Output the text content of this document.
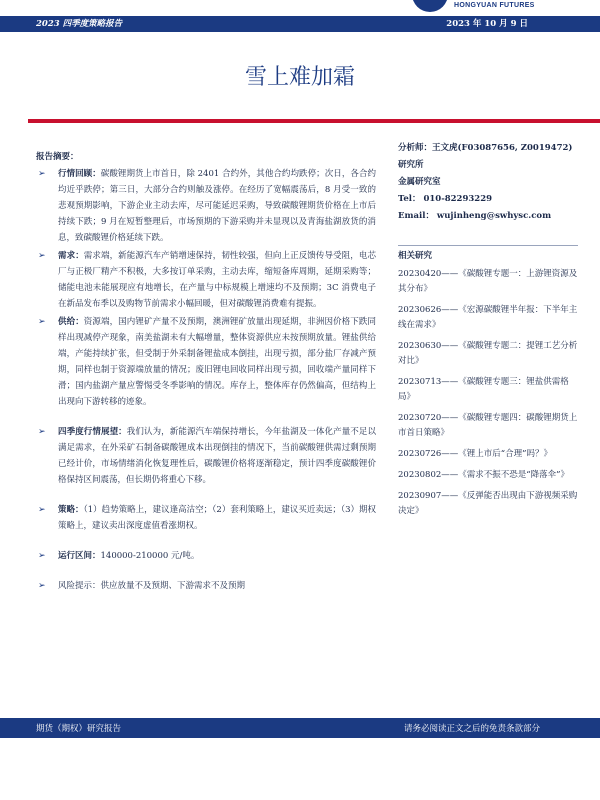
2023 四季度策略报告	2023 年 10 月 9 日
HONGYUAN FUTURES
雪上难加霜
分析师：王文虎(F03087656, Z0019472)
研究所
金属研究室
Tel： 010-82293229
Email： wujinheng@swhysc.com
相关研究
20230420——《碳酸锂专题一：上游锂资源及其分布》
20230626——《宏源碳酸锂半年报：下半年主线在需求》
20230630——《碳酸锂专题二：提锂工艺分析对比》
20230713——《碳酸锂专题三：锂盐供需格局》
20230720——《碳酸锂专题四：碳酸锂期货上市首日策略》
20230726——《锂上市后“合理”吗？》
20230802——《需求不振不恐是“降落伞”》
20230907——《反弹能否出现由下游视频采购决定》
报告摘要：
➢ 行情回顾：碳酸锂期货上市首日，除 2401 合约外，其他合约均跌停；次日，各合约均近乎跌停；第三日，大部分合约则触及涨停。在经历了宽幅震荡后，8 月受一致的悲观预期影响，下游企业主动去库，尽可能延迟采购，导致碳酸锂期货价格在上市后持续下跌；9 月在短暂整理后，市场预期的下游采购并未显现以及青海盐湖放货的消息，致碳酸锂价格延续下跌。
➢ 需求：需求端，新能源汽车产销增速保持，韧性较强，但向上正反馈传导受阻，电芯厂与正极厂精产不积极，大多按订单采购，主动去库，缩短备库周期，延期采购等；储能电池未能展现应有地增长，在产量与中标规模上增速均不及预期；3C 消费电子在新品发布季以及购物节前需求小幅回暖，但对碳酸锂消费难有提振。
➢ 供给：资源端，国内锂矿产量不及预期，澳洲锂矿放量出现延期，非洲因价格下跌同样出现减停产现象，南美盐湖未有大幅增量，整体资源供应未按预期放量。锂盐供给端，产能持续扩张，但受制于外采制备锂盐成本倒挂，出现亏损，部分盐厂存减产预期，同样也制于资源端放量的情况；废旧锂电回收同样出现亏损，回收端产量同样下滑；国内盐湖产量应警惕受冬季影响的情况。库存上，整体库存仍然偏高，但结构上出现向下游转移的迹象。
➢ 四季度行情展望：我们认为，新能源汽车端保持增长，今年盐湖及一体化产量不足以满足需求，在外采矿石制备碳酸锂成本出现倒挂的情况下，当前碳酸锂供需过剩预期已经计价，市场情绪消化恢复理性后，碳酸锂价格将逐渐稳定，预计四季度碳酸锂价格保持区间震荡，但长期仍将重心下移。
➢ 策略：（1）趋势策略上，建议逢高沽空；（2）套利策略上，建议买近卖远；（3）期权策略上，建议卖出深度虚值看涨期权。
➢ 运行区间：140000-210000 元/吨。
➢ 风险提示：供应放量不及预期、下游需求不及预期
期货（期权）研究报告	请务必阅读正文之后的免责条款部分
